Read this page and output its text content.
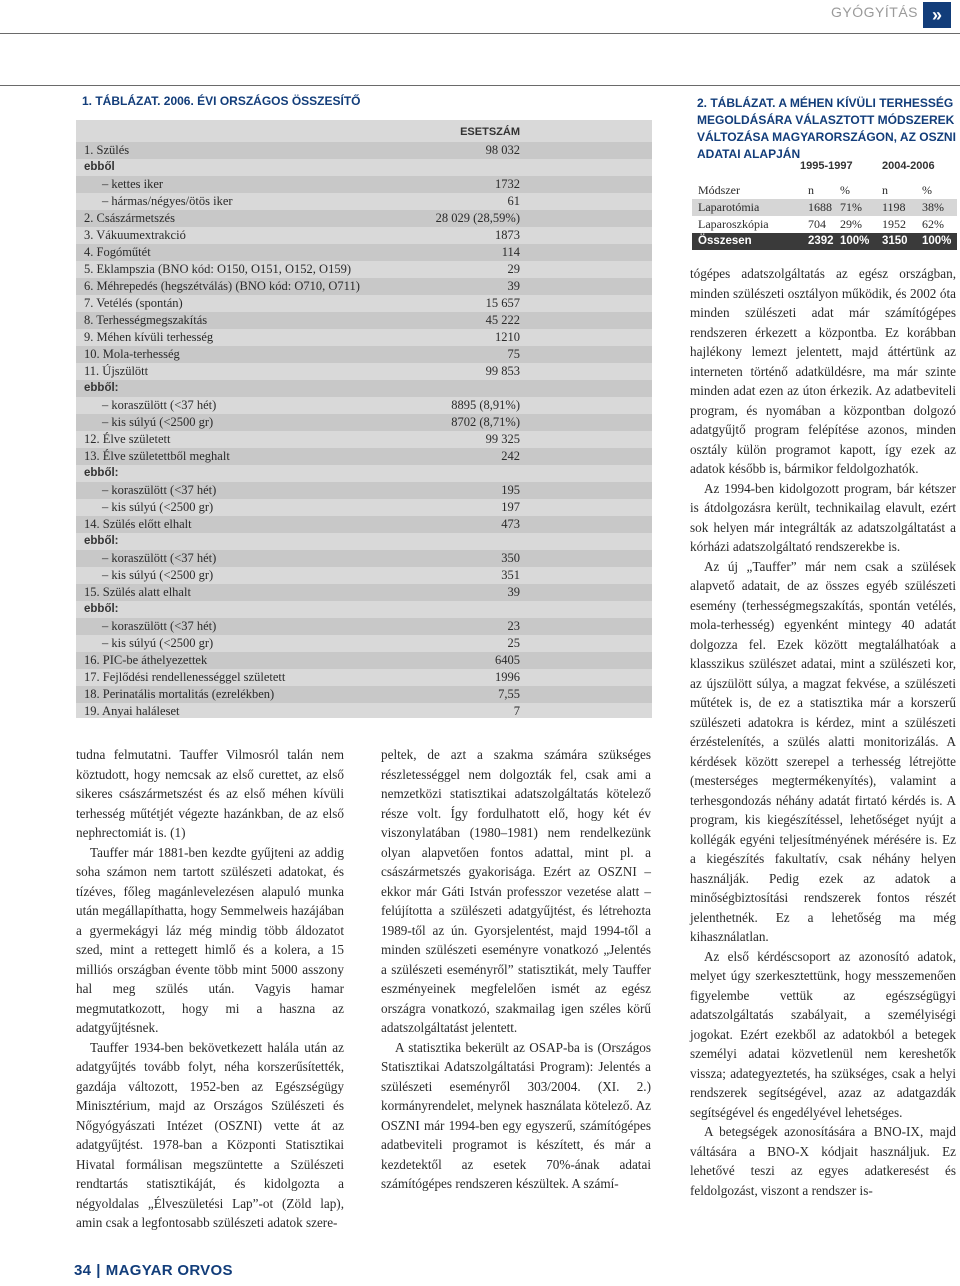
GYÓGYÍTÁS »
1. TÁBLÁZAT. 2006. ÉVI ORSZÁGOS ÖSSZESÍTŐ
ESETSZÁM
1. Szülés	98 032
ebből
– kettes iker	1732
– hármas/négyes/ötös iker	61
2. Császármetszés	28 029 (28,59%)
3. Vákuumextrakció	1873
4. Fogóműtét	114
5. Eklampszia (BNO kód: O150, O151, O152, O159)	29
6. Méhrepedés (hegszétválás) (BNO kód: O710, O711)	39
7. Vetélés (spontán)	15 657
8. Terhességmegszakítás	45 222
9. Méhen kívüli terhesség	1210
10. Mola-terhesség	75
11. Újszülött	99 853
ebből:
– koraszülött (<37 hét)	8895 (8,91%)
– kis súlyú (<2500 gr)	8702 (8,71%)
12. Élve született	99 325
13. Élve születettből meghalt	242
ebből:
– koraszülött (<37 hét)	195
– kis súlyú (<2500 gr)	197
14. Szülés előtt elhalt	473
ebből:
– koraszülött (<37 hét)	350
– kis súlyú (<2500 gr)	351
15. Szülés alatt elhalt	39
ebből:
– koraszülött (<37 hét)	23
– kis súlyú (<2500 gr)	25
16. PIC-be áthelyezettek	6405
17. Fejlődési rendellenességgel született	1996
18. Perinatális mortalitás (ezrelékben)	7,55
19. Anyai haláleset	7
2. TÁBLÁZAT. A MÉHEN KÍVÜLI TERHESSÉG MEGOLDÁSÁRA VÁLASZTOTT MÓDSZEREK VÁLTOZÁSA MAGYARORSZÁGON, AZ OSZNI ADATAI ALAPJÁN
1995-1997	2004-2006
Módszer	n %	n	%
Laparotómia	1688 71% 1198 38%
Laparoszkópia	704 29% 1952 62%
Összesen	2392 100% 3150 100%

tudna felmutatni. Tauffer Vilmosról talán nem köztudott, hogy nemcsak az első curettet, az első sikeres császármetszést és az első méhen kívüli terhesség műtétjét végezte hazánkban, de az első nephrectomiát is. (1)

Tauffer már 1881-ben kezdte gyűjteni az addig soha számon nem tartott szülészeti adatokat, és tízéves, főleg magánlevelezésen alapuló munka után megállapíthatta, hogy Semmelweis hazájában a gyermekágyi láz még mindig több áldozatot szed, mint a rettegett himlő és a kolera, a 15 milliós országban évente több mint 5000 asszony hal meg szülés után. Vagyis hamar megmutatkozott, hogy mi a haszna az adatgyűjtésnek.

Tauffer 1934-ben bekövetkezett halála után az adatgyűjtés tovább folyt, néha korszerűsítették, gazdája változott, 1952-ben az Egészségügy Minisztérium, majd az Országos Szülészeti és Nőgyógyászati Intézet (OSZNI) vette át az adatgyűjtést. 1978-ban a Központi Statisztikai Hivatal formálisan megszüntette a Szülészeti rendtartás statisztikáját, és kidolgozta a négyoldalas „Élveszületési Lap”-ot (Zöld lap), amin csak a legfontosabb szülészeti adatok szere-

peltek, de azt a szakma számára szükséges részletességgel nem dolgozták fel, csak ami a nemzetközi statisztikai adatszolgáltatás kötelező része volt. Így fordulhatott elő, hogy két év viszonylatában (1980–1981) nem rendelkezünk olyan alapvetően fontos adattal, mint pl. a császármetszés gyakorisága. Ezért az OSZNI – ekkor már Gáti István professzor vezetése alatt – felújította a szülészeti adatgyűjtést, és létrehozta 1989-től az ún. Gyorsjelentést, majd 1994-től a minden szülészeti eseményre vonatkozó „Jelentés a szülészeti eseményről” statisztikát, mely Tauffer eszményeinek megfelelően ismét az egész országra vonatkozó, szakmailag igen széles körű adatszolgáltatást jelentett.

A statisztika bekerült az OSAP-ba is (Országos Statisztikai Adatszolgáltatási Program): Jelentés a szülészeti eseményről 303/2004. (XI. 2.) kormányrendelet, melynek használata kötelező. Az OSZNI már 1994-ben egy egyszerű, számítógépes adatbeviteli programot is készített, és már a kezdetektől az esetek 70%-ának adatai számítógépes rendszeren készültek. A számí-

tógépes adatszolgáltatás az egész országban, minden szülészeti osztályon működik, és 2002 óta minden szülészeti adat már számítógépes rendszeren érkezett a központba. Ez korábban hajlékony lemezt jelentett, majd áttértünk az interneten történő adatküldésre, ma már szinte minden adat ezen az úton érkezik. Az adatbeviteli program, és nyomában a központban dolgozó adatgyűjtő program felépítése azonos, minden osztály külön programot kapott, így ezek az adatok később is, bármikor feldolgozhatók.

Az 1994-ben kidolgozott program, bár kétszer is átdolgozásra került, technikailag elavult, ezért sok helyen már integrálták az adatszolgáltatást a kórházi adatszolgáltató rendszerekbe is.

Az új „Tauffer” már nem csak a szülések alapvető adatait, de az összes egyéb szülészeti esemény (terhességmegszakítás, spontán vetélés, mola-terhesség) egyenként mintegy 40 adatát dolgozza fel. Ezek között megtalálhatóak a klasszikus szülészet adatai, mint a szülészeti kor, az újszülött súlya, a magzat fekvése, a szülészeti műtétek is, de ez a statisztika már a korszerű szülészeti adatokra is kérdez, mint a szülészeti érzéstelenítés, a szülés alatti monitorizálás. A kérdések között szerepel a terhesség létrejötte (mesterséges megtermékenyítés), valamint a terhesgondozás néhány adatát firtató kérdés is. A program, kis kiegészítéssel, lehetőséget nyújt a kollégák egyéni teljesítményének mérésére is. Ez a kiegészítés fakultatív, csak néhány helyen használják. Pedig ezek az adatok a minőségbiztosítási rendszerek fontos részét jelenthetnék. Ez a lehetőség ma még kihasználatlan.

Az első kérdéscsoport az azonosító adatok, melyet úgy szerkesztettünk, hogy messzemenően figyelembe vettük az egészségügyi adatszolgáltatás szabályait, a személyiségi jogokat. Ezért ezekből az adatokból a betegek személyi adatai közvetlenül nem kereshetők vissza; adategyeztetés, ha szükséges, csak a helyi rendszerek segítségével, azaz az adatgazdák segítségével és engedélyével lehetséges.

A betegségek azonosítására a BNO-IX, majd váltására a BNO-X kódjait használjuk. Ez lehetővé teszi az egyes adatkeresést és feldolgozást, viszont a rendszer is-

34 | MAGYAR ORVOS
